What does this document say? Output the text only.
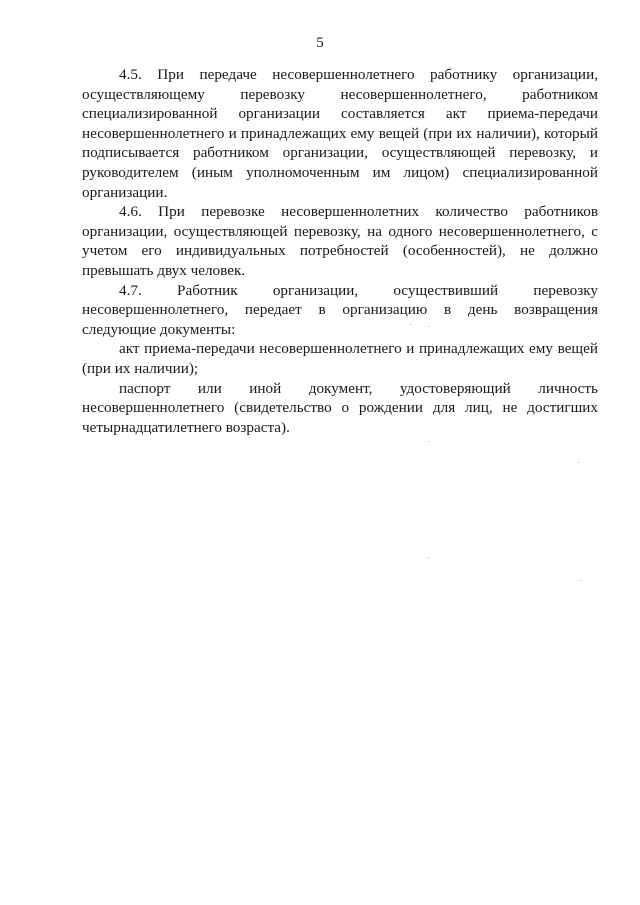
5

4.5. При передаче несовершеннолетнего работнику организации, осуществляющему перевозку несовершеннолетнего, работником специализированной организации составляется акт приема-передачи несовершеннолетнего и принадлежащих ему вещей (при их наличии), который подписывается работником организации, осуществляющей перевозку, и руководителем (иным уполномоченным им лицом) специализированной организации.

4.6. При перевозке несовершеннолетних количество работников организации, осуществляющей перевозку, на одного несовершеннолетнего, с учетом его индивидуальных потребностей (особенностей), не должно превышать двух человек.

4.7. Работник организации, осуществивший перевозку несовершеннолетнего, передает в организацию в день возвращения следующие документы:

акт приема-передачи несовершеннолетнего и принадлежащих ему вещей (при их наличии);

паспорт или иной документ, удостоверяющий личность несовершеннолетнего (свидетельство о рождении для лиц, не достигших четырнадцатилетнего возраста).
